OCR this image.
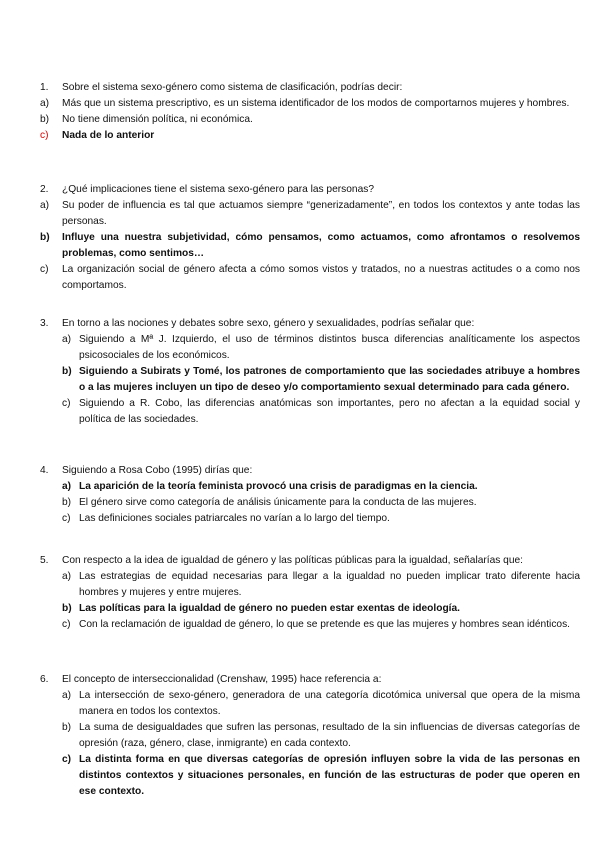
1.	Sobre el sistema sexo-género como sistema de clasificación, podrías decir:
a)	Más que un sistema prescriptivo, es un sistema identificador de los modos de comportarnos mujeres y hombres.
b)	No tiene dimensión política, ni económica.
c)	Nada de lo anterior
2.	¿Qué implicaciones tiene el sistema sexo-género para las personas?
a)	Su poder de influencia es tal que actuamos siempre “generizadamente”, en todos los contextos y ante todas las personas.
b)	Influye una nuestra subjetividad, cómo pensamos, como actuamos, como afrontamos o resolvemos problemas, como sentimos…
c)	La organización social de género afecta a cómo somos vistos y tratados, no a nuestras actitudes o a como nos comportamos.
3.	En torno a las nociones y debates sobre sexo, género y sexualidades, podrías señalar que:
a) Siguiendo a Mª J. Izquierdo, el uso de términos distintos busca diferencias analíticamente los aspectos psicosociales de los económicos.
b) Siguiendo a Subirats y Tomé, los patrones de comportamiento que las sociedades atribuye a hombres o a las mujeres incluyen un tipo de deseo y/o comportamiento sexual determinado para cada género.
c) Siguiendo a R. Cobo, las diferencias anatómicas son importantes, pero no afectan a la equidad social y política de las sociedades.
4.	Siguiendo a Rosa Cobo (1995) dirías que:
a) La aparición de la teoría feminista provocó una crisis de paradigmas en la ciencia.
b) El género sirve como categoría de análisis únicamente para la conducta de las mujeres.
c) Las definiciones sociales patriarcales no varían a lo largo del tiempo.
5.	Con respecto a la idea de igualdad de género y las políticas públicas para la igualdad, señalarías que:
a) Las estrategias de equidad necesarias para llegar a la igualdad no pueden implicar trato diferente hacia hombres y mujeres y entre mujeres.
b) Las políticas para la igualdad de género no pueden estar exentas de ideología.
c) Con la reclamación de igualdad de género, lo que se pretende es que las mujeres y hombres sean idénticos.
6.	El concepto de interseccionalidad (Crenshaw, 1995) hace referencia a:
a) La intersección de sexo-género, generadora de una categoría dicotómica universal que opera de la misma manera en todos los contextos.
b) La suma de desigualdades que sufren las personas, resultado de la sin influencias de diversas categorías de opresión (raza, género, clase, inmigrante) en cada contexto.
c) La distinta forma en que diversas categorías de opresión influyen sobre la vida de las personas en distintos contextos y situaciones personales, en función de las estructuras de poder que operen en ese contexto.
